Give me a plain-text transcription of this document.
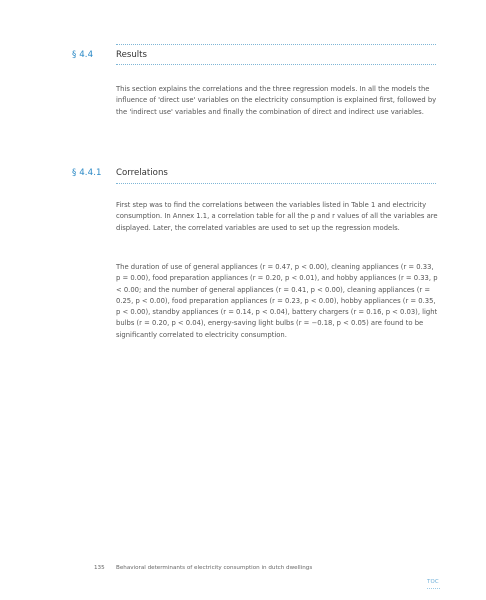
§ 4.4	Results

This section explains the correlations and the three regression models. In all the models the influence of 'direct use' variables on the electricity consumption is explained first, followed by the 'indirect use' variables and finally the combination of direct and indirect use variables.

§ 4.4.1 Correlations

First step was to find the correlations between the variables listed in Table 1 and electricity consumption. In Annex 1.1, a correlation table for all the p and r values of all the variables are displayed. Later, the correlated variables are used to set up the regression models.

The duration of use of general appliances (r = 0.47, p < 0.00), cleaning appliances (r = 0.33, p = 0.00), food preparation appliances (r = 0.20, p < 0.01), and hobby appliances (r = 0.33, p < 0.00; and the number of general appliances (r = 0.41, p < 0.00), cleaning appliances (r = 0.25, p < 0.00), food preparation appliances (r = 0.23, p < 0.00), hobby appliances (r = 0.35, p < 0.00), standby appliances (r = 0.14, p < 0.04), battery chargers (r = 0.16, p < 0.03), light bulbs (r = 0.20, p < 0.04), energy-saving light bulbs (r = −0.18, p < 0.05) are found to be significantly correlated to electricity consumption.

135 Behavioral determinants of electricity consumption in dutch dwellings
TOC
